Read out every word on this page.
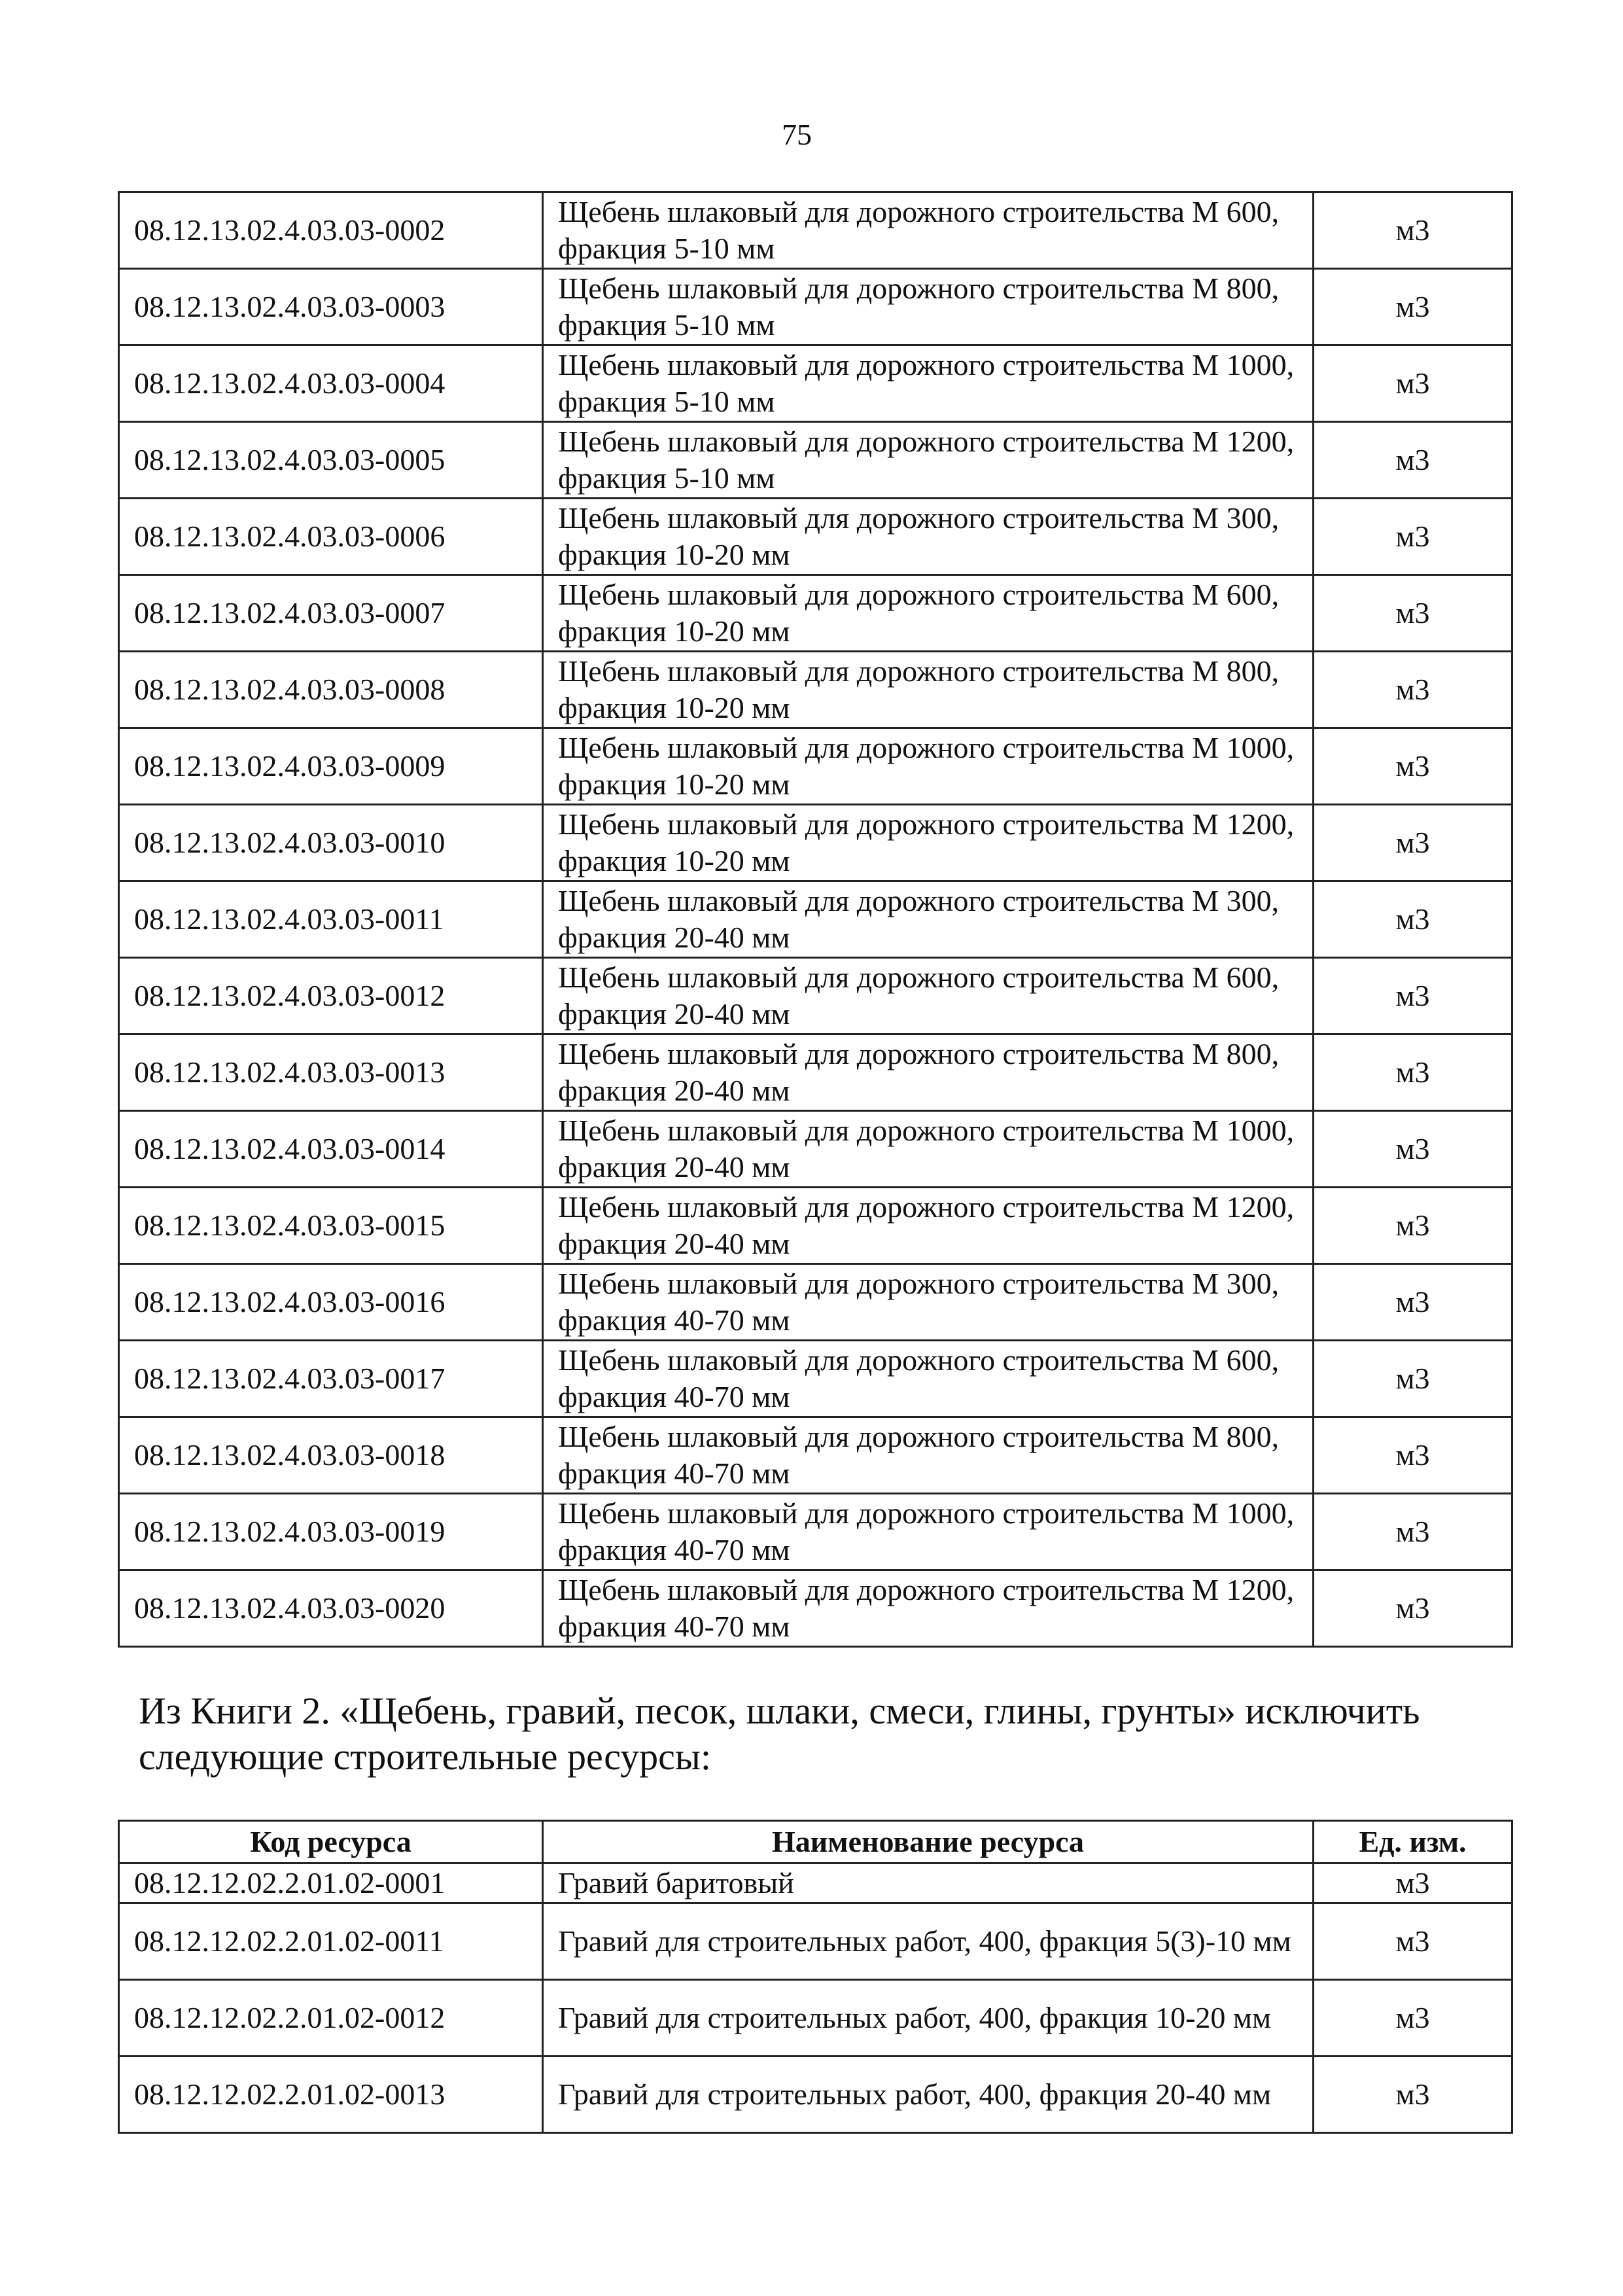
75
08.12.13.02.4.03.03-0002	Щебень шлаковый для дорожного строительства М 600, фракция 5-10 мм	м3
08.12.13.02.4.03.03-0003	Щебень шлаковый для дорожного строительства М 800, фракция 5-10 мм	м3
08.12.13.02.4.03.03-0004	Щебень шлаковый для дорожного строительства М 1000, фракция 5-10 мм	м3
08.12.13.02.4.03.03-0005	Щебень шлаковый для дорожного строительства М 1200, фракция 5-10 мм	м3
08.12.13.02.4.03.03-0006	Щебень шлаковый для дорожного строительства М 300, фракция 10-20 мм	м3
08.12.13.02.4.03.03-0007	Щебень шлаковый для дорожного строительства М 600, фракция 10-20 мм	м3
08.12.13.02.4.03.03-0008	Щебень шлаковый для дорожного строительства М 800, фракция 10-20 мм	м3
08.12.13.02.4.03.03-0009	Щебень шлаковый для дорожного строительства М 1000, фракция 10-20 мм	м3
08.12.13.02.4.03.03-0010	Щебень шлаковый для дорожного строительства М 1200, фракция 10-20 мм	м3
08.12.13.02.4.03.03-0011	Щебень шлаковый для дорожного строительства М 300, фракция 20-40 мм	м3
08.12.13.02.4.03.03-0012	Щебень шлаковый для дорожного строительства М 600, фракция 20-40 мм	м3
08.12.13.02.4.03.03-0013	Щебень шлаковый для дорожного строительства М 800, фракция 20-40 мм	м3
08.12.13.02.4.03.03-0014	Щебень шлаковый для дорожного строительства М 1000, фракция 20-40 мм	м3
08.12.13.02.4.03.03-0015	Щебень шлаковый для дорожного строительства М 1200, фракция 20-40 мм	м3
08.12.13.02.4.03.03-0016	Щебень шлаковый для дорожного строительства М 300, фракция 40-70 мм	м3
08.12.13.02.4.03.03-0017	Щебень шлаковый для дорожного строительства М 600, фракция 40-70 мм	м3
08.12.13.02.4.03.03-0018	Щебень шлаковый для дорожного строительства М 800, фракция 40-70 мм	м3
08.12.13.02.4.03.03-0019	Щебень шлаковый для дорожного строительства М 1000, фракция 40-70 мм	м3
08.12.13.02.4.03.03-0020	Щебень шлаковый для дорожного строительства М 1200, фракция 40-70 мм	м3
Из Книги 2. «Щебень, гравий, песок, шлаки, смеси, глины, грунты» исключить следующие строительные ресурсы:
Код ресурса	Наименование ресурса	Ед. изм.
08.12.12.02.2.01.02-0001	Гравий баритовый	м3
08.12.12.02.2.01.02-0011	Гравий для строительных работ, 400, фракция 5(3)-10 мм	м3
08.12.12.02.2.01.02-0012	Гравий для строительных работ, 400, фракция 10-20 мм	м3
08.12.12.02.2.01.02-0013	Гравий для строительных работ, 400, фракция 20-40 мм	м3
